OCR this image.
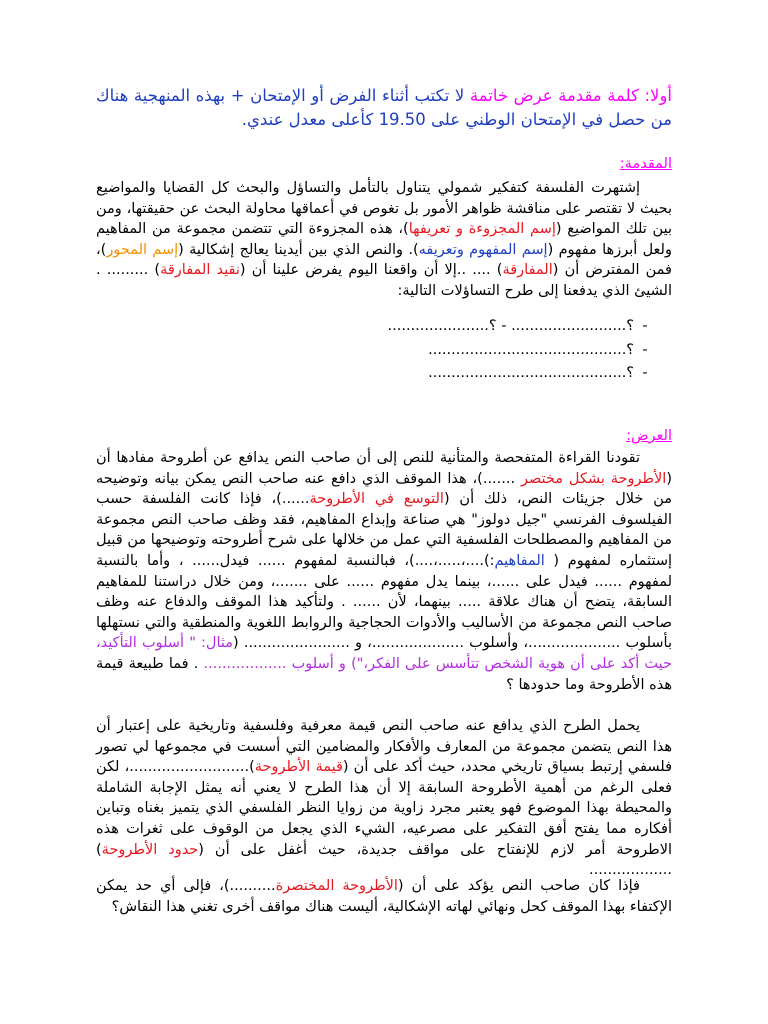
أولا: كلمة مقدمة عرض خاتمة لا تكتب أثناء الفرض أو الإمتحان + بهذه المنهجية هناك من حصل في الإمتحان الوطني على 19.50 كأعلى معدل عندي.
المقدمة:
إشتهرت الفلسفة كتفكير شمولي يتناول بالتأمل والتساؤل والبحث كل القضايا والمواضيع بحيث لا تقتصر على مناقشة ظواهر الأمور بل تغوص في أعماقها محاولة البحث عن حقيقتها، ومن بين تلك المواضيع (إسم المجزوءة و تعريفها)، هذه المجزوءة التي تتضمن مجموعة من المفاهيم ولعل أبرزها مفهوم (إسم المفهوم وتعريفه). والنص الذي بين أيدينا يعالج إشكالية (إسم المحور)، فمن المفترض أن (المفارقة) .... ..إلا أن واقعنا اليوم يفرض علينا أن (نقيد المفارقة) ......... . الشيئ الذي يدفعنا إلى طرح التساؤلات التالية:
-؟......................... - ؟......................
-؟...........................................
-؟...........................................
العرض:
تقودنا القراءة المتفحصة والمتأنية للنص إلى أن صاحب النص يدافع عن أطروحة مفادها أن (الأطروحة بشكل مختصر .......)، هذا الموقف الذي دافع عنه صاحب النص يمكن بيانه وتوضيحه من خلال جزيئات النص، ذلك أن (التوسع في الأطروحة......)، فإذا كانت الفلسفة حسب الفيلسوف الفرنسي "جيل دولوز" هي صناعة وإبداع المفاهيم، فقد وظف صاحب النص مجموعة من المفاهيم والمصطلحات الفلسفية التي عمل من خلالها على شرح أطروحته وتوضيحها من قبيل إستثماره لمفهوم ( المفاهيم:)....،.....،....)، فبالنسبة لمفهوم ...... فيدل...... ، وأما بالنسبة لمفهوم ...... فيدل على ......، بينما يدل مفهوم ...... على .......، ومن خلال دراستنا للمفاهيم السابقة، يتضح أن هناك علاقة ..... بينهما، لأن ...... . ولتأكيد هذا الموقف والدفاع عنه وظف صاحب النص مجموعة من الأساليب والأدوات الحجاجية والروابط اللغوية والمنطقية والتي نستهلها بأسلوب ....................، وأسلوب ....................، و ....................... (مثال: " أسلوب التأكيد، حيث أكد على أن هوية الشخص تتأسس على الفكر،") و أسلوب .................. . فما طبيعة قيمة هذه الأطروحة وما حدودها ؟
يحمل الطرح الذي يدافع عنه صاحب النص قيمة معرفية وفلسفية وتاريخية على إعتبار أن هذا النص يتضمن مجموعة من المعارف والأفكار والمضامين التي أسست في مجموعها لي تصور فلسفي إرتبط بسياق تاريخي محدد، حيث أكد على أن (قيمة الأطروحة)..........................، لكن فعلى الرغم من أهمية الأطروحة السابقة إلا أن هذا الطرح لا يعني أنه يمثل الإجابة الشاملة والمحيطة بهذا الموضوع فهو يعتبر مجرد زاوية من زوايا النظر الفلسفي الذي يتميز بغناه وتباين أفكاره مما يفتح أفق التفكير على مصرعيه، الشيء الذي يجعل من الوقوف على ثغرات هذه الاطروحة أمر لازم للإنفتاح على مواقف جديدة، حيث أغفل على أن (حدود الأطروحة) ..................
فإذا كان صاحب النص يؤكد على أن (الأطروحة المختصرة..........)، فإلى أي حد يمكن الإكتفاء بهذا الموقف كحل ونهائي لهاته الإشكالية، أليست هناك مواقف أخرى تغني هذا النقاش؟
